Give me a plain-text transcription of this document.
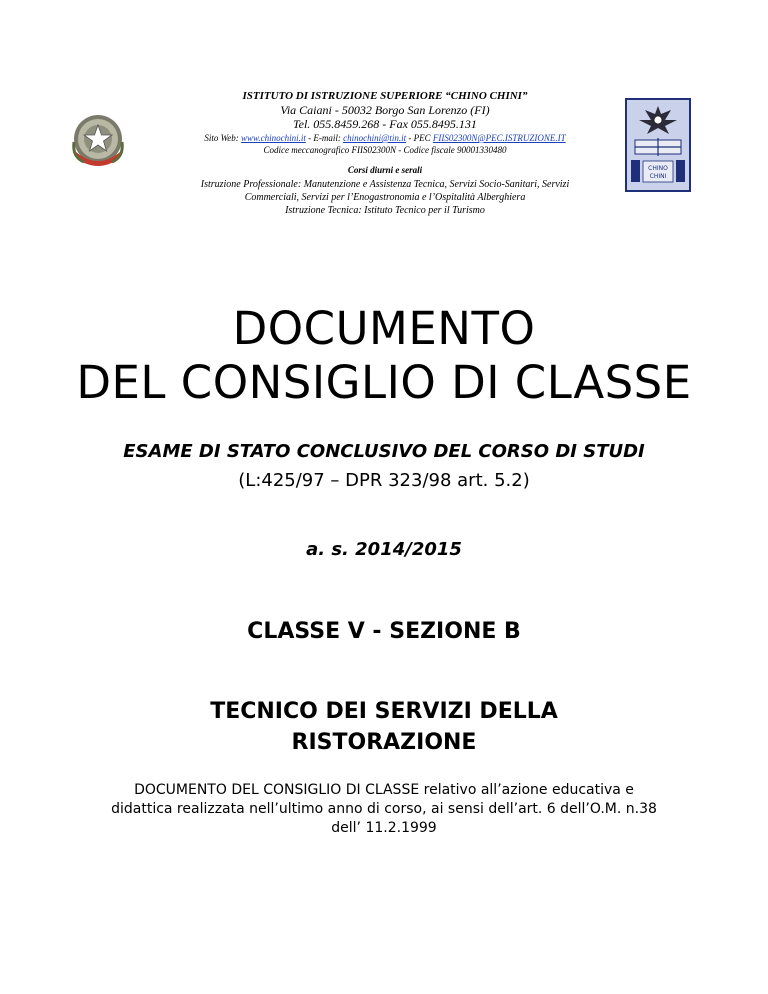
CHINO
CHINI
ISTITUTO DI ISTRUZIONE SUPERIORE “CHINO CHINI”
Via Caiani - 50032 Borgo San Lorenzo (FI)
Tel. 055.8459.268 - Fax 055.8495.131
Sito Web: www.chinochini.it - E-mail: chinochini@tin.it - PEC FIIS02300N@PEC.ISTRUZIONE.IT
Codice meccanografico FIIS02300N - Codice fiscale 90001330480
Corsi diurni e serali
Istruzione Professionale: Manutenzione e Assistenza Tecnica, Servizi Socio-Sanitari, Servizi
Commerciali, Servizi per l’Enogastronomia e l’Ospitalità Alberghiera
Istruzione Tecnica: Istituto Tecnico per il Turismo
DOCUMENTO
DEL CONSIGLIO DI CLASSE
ESAME DI STATO CONCLUSIVO DEL CORSO DI STUDI
(L:425/97 – DPR 323/98 art. 5.2)
a. s. 2014/2015
CLASSE V - SEZIONE B
TECNICO DEI SERVIZI DELLA
RISTORAZIONE
DOCUMENTO DEL CONSIGLIO DI CLASSE relativo all’azione educativa e
didattica realizzata nell’ultimo anno di corso, ai sensi dell’art. 6 dell’O.M. n.38
dell’ 11.2.1999
